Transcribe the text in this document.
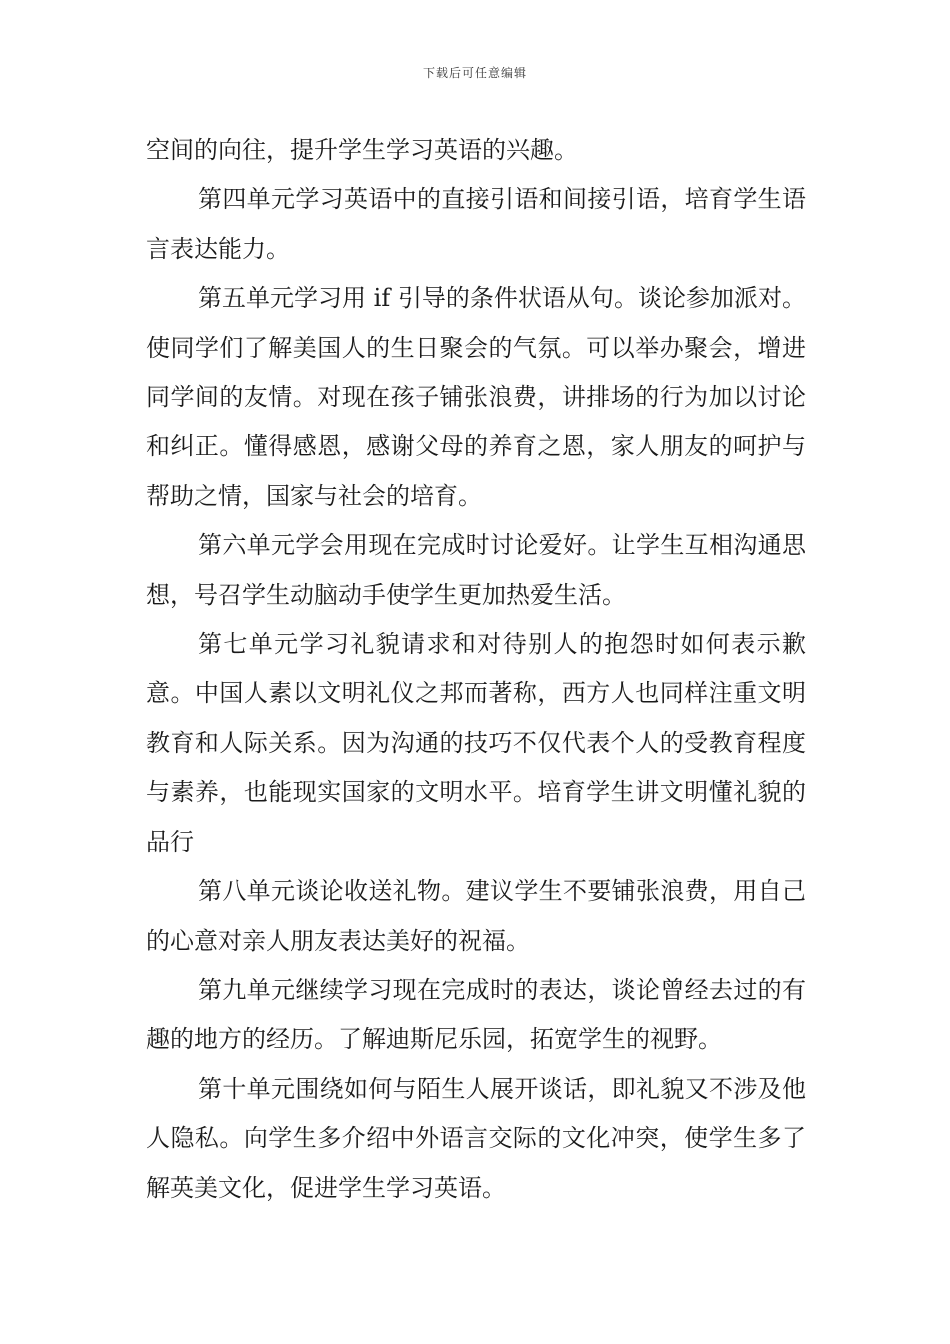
下载后可任意编辑

空间的向往，提升学生学习英语的兴趣。

第四单元学习英语中的直接引语和间接引语，培育学生语言表达能力。

第五单元学习用 if 引导的条件状语从句。谈论参加派对。使同学们了解美国人的生日聚会的气氛。可以举办聚会，增进同学间的友情。对现在孩子铺张浪费，讲排场的行为加以讨论和纠正。懂得感恩，感谢父母的养育之恩，家人朋友的呵护与帮助之情，国家与社会的培育。

第六单元学会用现在完成时讨论爱好。让学生互相沟通思想，号召学生动脑动手使学生更加热爱生活。

第七单元学习礼貌请求和对待别人的抱怨时如何表示歉意。中国人素以文明礼仪之邦而著称，西方人也同样注重文明教育和人际关系。因为沟通的技巧不仅代表个人的受教育程度与素养，也能现实国家的文明水平。培育学生讲文明懂礼貌的品行

第八单元谈论收送礼物。建议学生不要铺张浪费，用自己的心意对亲人朋友表达美好的祝福。

第九单元继续学习现在完成时的表达，谈论曾经去过的有趣的地方的经历。了解迪斯尼乐园，拓宽学生的视野。

第十单元围绕如何与陌生人展开谈话，即礼貌又不涉及他人隐私。向学生多介绍中外语言交际的文化冲突，使学生多了解英美文化，促进学生学习英语。
